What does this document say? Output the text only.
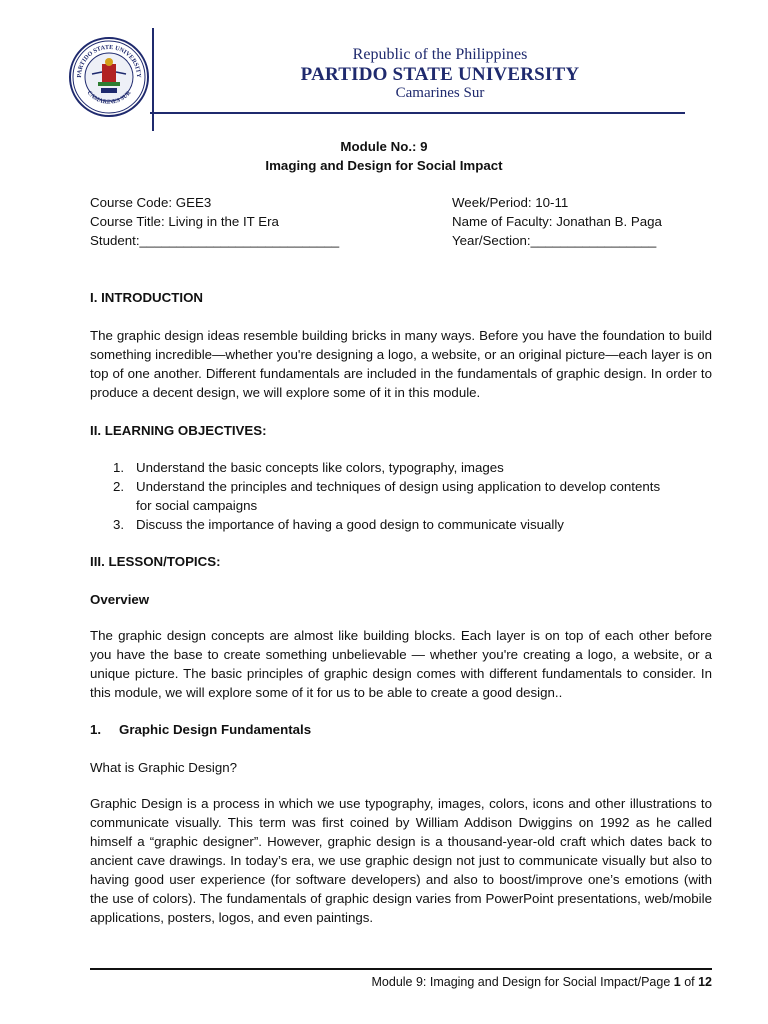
PARTIDO STATE UNIVERSITY
CAMARINES SUR
Republic of the Philippines
PARTIDO STATE UNIVERSITY
Camarines Sur
Module No.: 9
Imaging and Design for Social Impact
Course Code: GEE3
Course Title: Living in the IT Era
Student:___________________________
Week/Period: 10-11
Name of Faculty: Jonathan B. Paga
Year/Section:_________________
I. INTRODUCTION
The graphic design ideas resemble building bricks in many ways. Before you have the foundation to build something incredible—whether you're designing a logo, a website, or an original picture—each layer is on top of one another. Different fundamentals are included in the fundamentals of graphic design. In order to produce a decent design, we will explore some of it in this module.
II. LEARNING OBJECTIVES:
1. Understand the basic concepts like colors, typography, images
2. Understand the principles and techniques of design using application to develop contents
for social campaigns
3. Discuss the importance of having a good design to communicate visually
III. LESSON/TOPICS:
Overview
The graphic design concepts are almost like building blocks. Each layer is on top of each other before you have the base to create something unbelievable — whether you're creating a logo, a website, or a unique picture. The basic principles of graphic design comes with different fundamentals to consider. In this module, we will explore some of it for us to be able to create a good design..
1. Graphic Design Fundamentals
What is Graphic Design?
Graphic Design is a process in which we use typography, images, colors, icons and other illustrations to communicate visually. This term was first coined by William Addison Dwiggins on 1992 as he called himself a “graphic designer”. However, graphic design is a thousand-year-old craft which dates back to ancient cave drawings. In today’s era, we use graphic design not just to communicate visually but also to having good user experience (for software developers) and also to boost/improve one’s emotions (with the use of colors). The fundamentals of graphic design varies from PowerPoint presentations, web/mobile applications, posters, logos, and even paintings.
Module 9: Imaging and Design for Social Impact/Page 1 of 12
